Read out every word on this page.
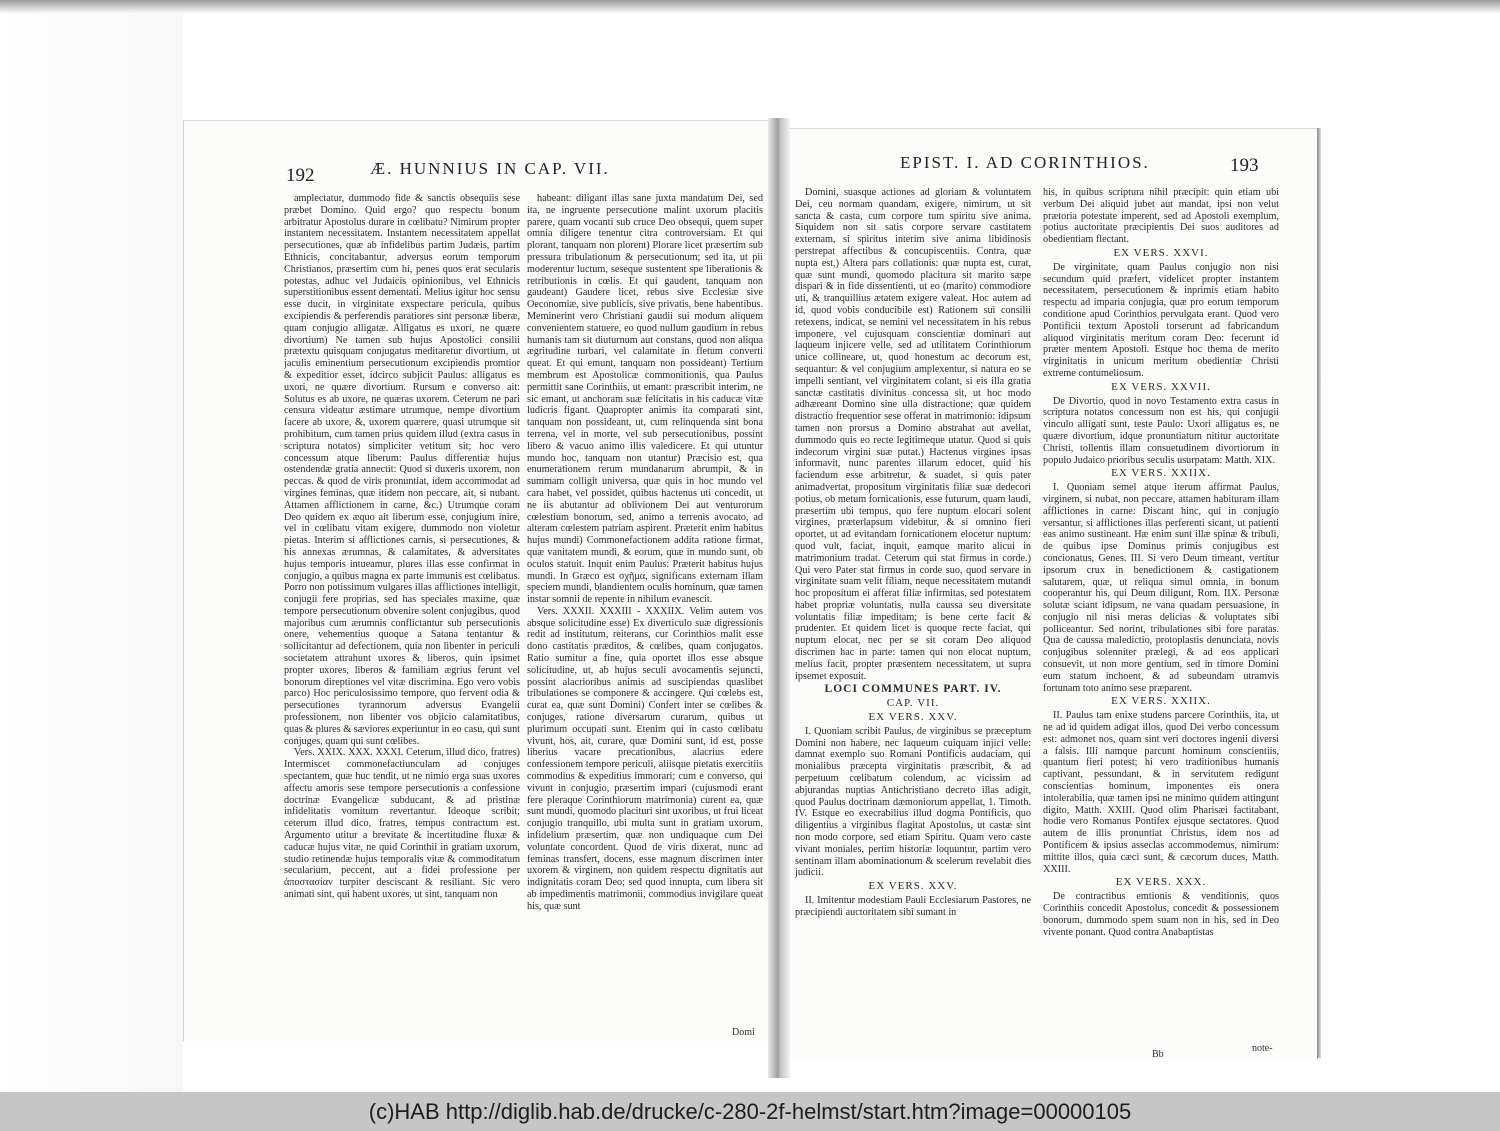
192	Æ. HUNNIUS IN CAP. VII.

amplectatur, dummodo fide & sanctis obsequiis sese præbet Domino. Quid ergo? quo respectu bonum arbitratur Apostolus durare in cœlibatu? Nimirum propter instantem necessitatem. Instantem necessitatem appellat persecutiones, quæ ab infidelibus partim Judæis, partim Ethnicis, concitabantur, adversus eorum temporum Christianos, præsertim cum hi, penes quos erat secularis potestas, adhuc vel Judaicis opinionibus, vel Ethnicis superstitionibus essent dementati. Melius igitur hoc sensu esse ducit, in virginitate exspectare pericula, quibus excipiendis & perferendis paratiores sint personæ liberæ, quam conjugio alligatæ. Alligatus es uxori, ne quære divortium) Ne tamen sub hujus Apostolici consilii prætextu quisquam conjugatus meditaretur divortium, ut jaculis eminentium persecutionum excipiendis promtior & expeditior esset, idcirco subjicit Paulus: alligatus es uxori, ne quære divortium. Rursum e converso ait: Solutus es ab uxore, ne quæras uxorem. Ceterum ne pari censura videatur æstimare utrumque, nempe divortium facere ab uxore, &, uxorem quærere, quasi utrumque sit prohibitum, cum tamen prius quidem illud (extra casus in scriptura notatos) simpliciter vetitum sit; hoc vero concessum atque liberum: Paulus differentiæ hujus ostendendæ gratia annectit: Quod si duxeris uxorem, non peccas. & quod de viris pronuntiat, idem accommodat ad virgines feminas, quæ itidem non peccare, ait, si nubant. Attamen afflictionem in carne, &c.) Utrumque coram Deo quidem ex æquo ait liberum esse, conjugium inire, vel in cœlibatu vitam exigere, dummodo non violetur pietas. Interim si afflictiones carnis, si persecutiones, & his annexas ærumnas, & calamitates, & adversitates hujus temporis intueamur, plures illas esse confirmat in conjugio, a quibus magna ex parte immunis est cœlibatus. Porro non potissimum vulgares illas afflictiones intelligit, conjugii fere proprias, sed has speciales maxime, quæ tempore persecutionum obvenire solent conjugibus, quod majoribus cum ærumnis conflictantur sub persecutionis onere, vehementius quoque a Satana tentantur & sollicitantur ad defectionem, quia non libenter in periculi societatem attrahunt uxores & liberos, quin ipsimet propter uxores, liberos & familiam ægrius ferunt vel bonorum direptiones vel vitæ discrimina. Ego vero vobis parco) Hoc periculosissimo tempore, quo fervent odia & persecutiones tyrannorum adversus Evangelii professionem, non libenter vos objicio calamitatibus, quas & plures & sæviores experiuntur in eo casu, qui sunt conjuges, quam qui sunt cœlibes.

Vers. XXIX. XXX. XXXI. Ceterum, illud dico, fratres) Intermiscet commonefactiunculam ad conjuges spectantem, quæ huc tendit, ut ne nimio erga suas uxores affectu amoris sese tempore persecutionis a confessione doctrinæ Evangelicæ subducant, & ad pristinæ infidelitatis vomitum revertantur. Ideoque scribit; ceterum illud dico, fratres, tempus contractum est. Argumento utitur a brevitate & incertitudine fluxæ & caducæ hujus vitæ, ne quid Corinthii in gratiam uxorum, studio retinendæ hujus temporalis vitæ & commoditatum secularium, peccent, aut a fidei professione per ἀποστασίαν turpiter desciscant & resiliant. Sic vero animati sint, qui habent uxores, ut sint, tanquam non

habeant: diligant illas sane juxta mandatum Dei, sed ita, ne ingruente persecutione malint uxorum placitis parere, quam vocanti sub cruce Deo obsequi, quem super omnia diligere tenentur citra controversiam. Et qui plorant, tanquam non plorent) Plorare licet præsertim sub pressura tribulationum & persecutionum; sed ita, ut pii moderentur luctum, seseque sustentent spe liberationis & retributionis in cœlis. Et qui gaudent, tanquam non gaudeant) Gaudere licet, rebus sive Ecclesiæ sive Oeconomiæ, sive publicis, sive privatis, bene habentibus. Meminerint vero Christiani gaudii sui modum aliquem convenientem statuere, eo quod nullum gaudium in rebus humanis tam sit diuturnum aut constans, quod non aliqua ægritudine turbari, vel calamitate in fletum converti queat. Et qui emunt, tanquam non possideant) Tertium membrum est Apostolicæ commonitionis, qua Paulus permittit sane Corinthiis, ut emant: præscribit interim, ne sic emant, ut anchoram suæ felicitatis in his caducæ vitæ ludicris figant. Quapropter animis ita comparati sint, tanquam non possideant, ut, cum relinquenda sint bona terrena, vel in morte, vel sub persecutionibus, possint libero & vacuo animo illis valedicere. Et qui utuntur mundo hoc, tanquam non utantur) Præcisio est, qua enumerationem rerum mundanarum abrumpit, & in summam colligit universa, quæ quis in hoc mundo vel cara habet, vel possidet, quibus hactenus uti concedit, ut ne iis abutantur ad oblivionem Dei aut venturorum cœlestium bonorum, sed, animo a terrenis avocato, ad alteram cœlestem patriam aspirent. Præterit enim habitus hujus mundi) Commonefactionem addita ratione firmat, quæ vanitatem mundi, & eorum, quæ in mundo sunt, ob oculos statuit. Inquit enim Paulus: Præterit habitus hujus mundi. In Græco est σχῆμα, significans externam illam speciem mundi, blandientem oculis hominum, quæ tamen instar somnii de repente in nihilum evanescit.

Vers. XXXII. XXXIII - XXXIIX. Velim autem vos absque solicitudine esse) Ex diverticulo suæ digressionis redit ad institutum, reiterans, cur Corinthios malit esse dono castitatis præditos, & cœlibes, quam conjugatos. Ratio sumitur a fine, quia oportet illos esse absque solicitudine, ut, ab hujus seculi avocamentis sejuncti, possint alacrioribus animis ad suscipiendas quaslibet tribulationes se componere & accingere. Qui cœlebs est, curat ea, quæ sunt Domini) Confert inter se cœlibes & conjuges, ratione diversarum curarum, quibus ut plurimum occupati sunt. Etenim qui in casto cœlibatu vivunt, hos, ait, curare, quæ Domini sunt, id est, posse liberius vacare precationibus, alacrius edere confessionem tempore periculi, aliisque pietatis exercitiis commodius & expeditius immorari; cum e converso, qui vivunt in conjugio, præsertim impari (cujusmodi erant fere pleraque Corinthiorum matrimonia) curent ea, quæ sunt mundi, quomodo placituri sint uxoribus, ut frui liceat conjugio tranquillo, ubi multa sunt in gratiam uxorum, infidelium præsertim, quæ non undiquaque cum Dei voluntate concordent. Quod de viris dixerat, nunc ad feminas transfert, docens, esse magnum discrimen inter uxorem & virginem, non quidem respectu dignitatis aut indignitatis coram Deo; sed quod innupta, cum libera sit ab impedimentis matrimonii, commodius invigilare queat his, quæ sunt

Domi
EPIST. I. AD CORINTHIOS.	193

Domini, suasque actiones ad gloriam & voluntatem Dei, ceu normam quandam, exigere, nimirum, ut sit sancta & casta, cum corpore tum spiritu sive anima. Siquidem non sit satis corpore servare castitatem externam, si spiritus interim sive anima libidinosis perstrepat affectibus & concupiscentiis. Contra, quæ nupta est,) Altera pars collationis: quæ nupta est, curat, quæ sunt mundi, quomodo placitura sit marito sæpe dispari & in fide dissentienti, ut eo (marito) commodiore uti, & tranquillius ætatem exigere valeat. Hoc autem ad id, quod vobis conducibile est) Rationem sui consilii retexens, indicat, se nemini vel necessitatem in his rebus imponere, vel cujusquam conscientiæ dominari aut laqueum injicere velle, sed ad utilitatem Corinthiorum unice collineare, ut, quod honestum ac decorum est, sequantur: & vel conjugium amplexentur, si natura eo se impelli sentiant, vel virginitatem colant, si eis illa gratia sanctæ castitatis divinitus concessa sit, ut hoc modo adhæreant Domino sine ulla distractione; quæ quidem distractio frequentior sese offerat in matrimonio: idipsum tamen non prorsus a Domino abstrahat aut avellat, dummodo quis eo recte legitimeque utatur. Quod si quis indecorum virgini suæ putat.) Hactenus virgines ipsas informavit, nunc parentes illarum edocet, quid his faciendum esse arbitretur, & suadet, si quis pater animadvertat, propositum virginitatis filiæ suæ dedecori potius, ob metum fornicationis, esse futurum, quam laudi, præsertim ubi tempus, quo fere nuptum elocari solent virgines, præterlapsum videbitur, & si omnino fieri oportet, ut ad evitandam fornicationem elocetur nuptum: quod vult, faciat, inquit, eamque marito alicui in matrimonium tradat. Ceterum qui stat firmus in corde.) Qui vero Pater stat firmus in corde suo, quod servare in virginitate suam velit filiam, neque necessitatem mutandi hoc propositum ei afferat filiæ infirmitas, sed potestatem habet propriæ voluntatis, nulla caussa seu diversitate voluntatis filiæ impeditam; is bene certe facit & prudenter. Et quidem licet is quoque recte faciat, qui nuptum elocat, nec per se sit coram Deo aliquod discrimen hac in parte: tamen qui non elocat nuptum, melius facit, propter præsentem necessitatem, ut supra ipsemet exposuit.

LOCI COMMUNES PART. IV.

CAP. VII.

EX VERS. XXV.

I. Quoniam scribit Paulus, de virginibus se præceptum Domini non habere, nec laqueum cuiquam injici velle: damnat exemplo suo Romani Pontificis audaciam, qui monialibus præcepta virginitatis præscribit, & ad perpetuum cœlibatum colendum, ac vicissim ad abjurandas nuptias Antichristiano decreto illas adigit, quod Paulus doctrinam dæmoniorum appellat, 1. Timoth. IV. Estque eo execrabilius illud dogma Pontificis, quo diligentius a virginibus flagitat Apostolus, ut castæ sint non modo corpore, sed etiam Spiritu. Quam vero caste vivant moniales, pertim historiæ loquuntur, partim vero sentinam illam abominationum & scelerum revelabit dies judicii.

EX VERS. XXV.

II. Imitentur modestiam Pauli Ecclesiarum Pastores, ne præcipiendi auctoritatem sibi sumant in

his, in quibus scriptura nihil præcipit: quin etiam ubi verbum Dei aliquid jubet aut mandat, ipsi non velut prætoria potestate imperent, sed ad Apostoli exemplum, potius auctoritate præcipientis Dei suos auditores ad obedientiam flectant.

EX VERS. XXVI.

De virginitate, quam Paulus conjugio non nisi secundum quid præfert, videlicet propter instantem necessitatem, persecutionem & inprimis etiam habito respectu ad imparia conjugia, quæ pro eorum temporum conditione apud Corinthios pervulgata erant. Quod vero Pontificii textum Apostoli torserunt ad fabricandum aliquod virginitatis meritum coram Deo: fecerunt id præter mentem Apostoli. Estque hoc thema de merito virginitatis in unicum meritum obedientiæ Christi extreme contumeliosum.

EX VERS. XXVII.

De Divortio, quod in novo Testamento extra casus in scriptura notatos concessum non est his, qui conjugii vinculo alligati sunt, teste Paulo: Uxori alligatus es, ne quære divortium, idque pronuntiatum nititur auctoritate Christi, tollentis illam consuetudinem divortiorum in populo Judaico prioribus seculis usurpatam: Matth. XIX.

EX VERS. XXIIX.

I. Quoniam semel atque iterum affirmat Paulus, virginem, si nubat, non peccare, attamen habituram illam afflictiones in carne: Discant hinc, qui in conjugio versantur, si afflictiones illas perferenti sicant, ut patienti eas animo sustineant. Hæ enim sunt illæ spinæ & tribuli, de quibus ipse Dominus primis conjugibus est concionatus, Genes. III. Si vero Deum timeant, vertitur ipsorum crux in benedictionem & castigationem salutarem, quæ, ut reliqua simul omnia, in bonum cooperantur his, qui Deum diligunt, Rom. IIX. Personæ solutæ sciant idipsum, ne vana quadam persuasione, in conjugio nil nisi meras delicias & voluptates sibi polliceantur. Sed norint, tribulationes sibi fore paratas. Qua de caussa maledictio, protoplastis denunciata, novis conjugibus solenniter prælegi, & ad eos applicari consuevit, ut non more gentium, sed in timore Domini eum statum inchoent, & ad subeundam utramvis fortunam toto animo sese præparent.

EX VERS. XXIIX.

II. Paulus tam enixe studens parcere Corinthiis, ita, ut ne ad id quidem adigat illos, quod Dei verbo concessum est: admonet nos, quam sint veri doctores ingenii diversi a falsis. Illi namque parcunt hominum conscientiis, quantum fieri potest; hi vero traditionibus humanis captivant, pessundant, & in servitutem redigunt conscientias hominum, imponentes eis onera intolerabilia, quæ tamen ipsi ne minimo quidem attingunt digito, Matth. XXIII. Quod olim Pharisæi factitabant, hodie vero Romanus Pontifex ejusque sectatores. Quod autem de illis pronuntiat Christus, idem nos ad Pontificem & ipsius asseclas accommodemus, nimirum: mittite illos, quia cæci sunt, & cæcorum duces, Matth. XXIII.

EX VERS. XXX.

De contractibus emtionis & venditionis, quos Corinthiis concedit Apostolus, concedit & possessionem bonorum, dummodo spem suam non in his, sed in Deo vivente ponant. Quod contra Anabaptistas

Bb
note-
(c)HAB http://diglib.hab.de/drucke/c-280-2f-helmst/start.htm?image=00000105
